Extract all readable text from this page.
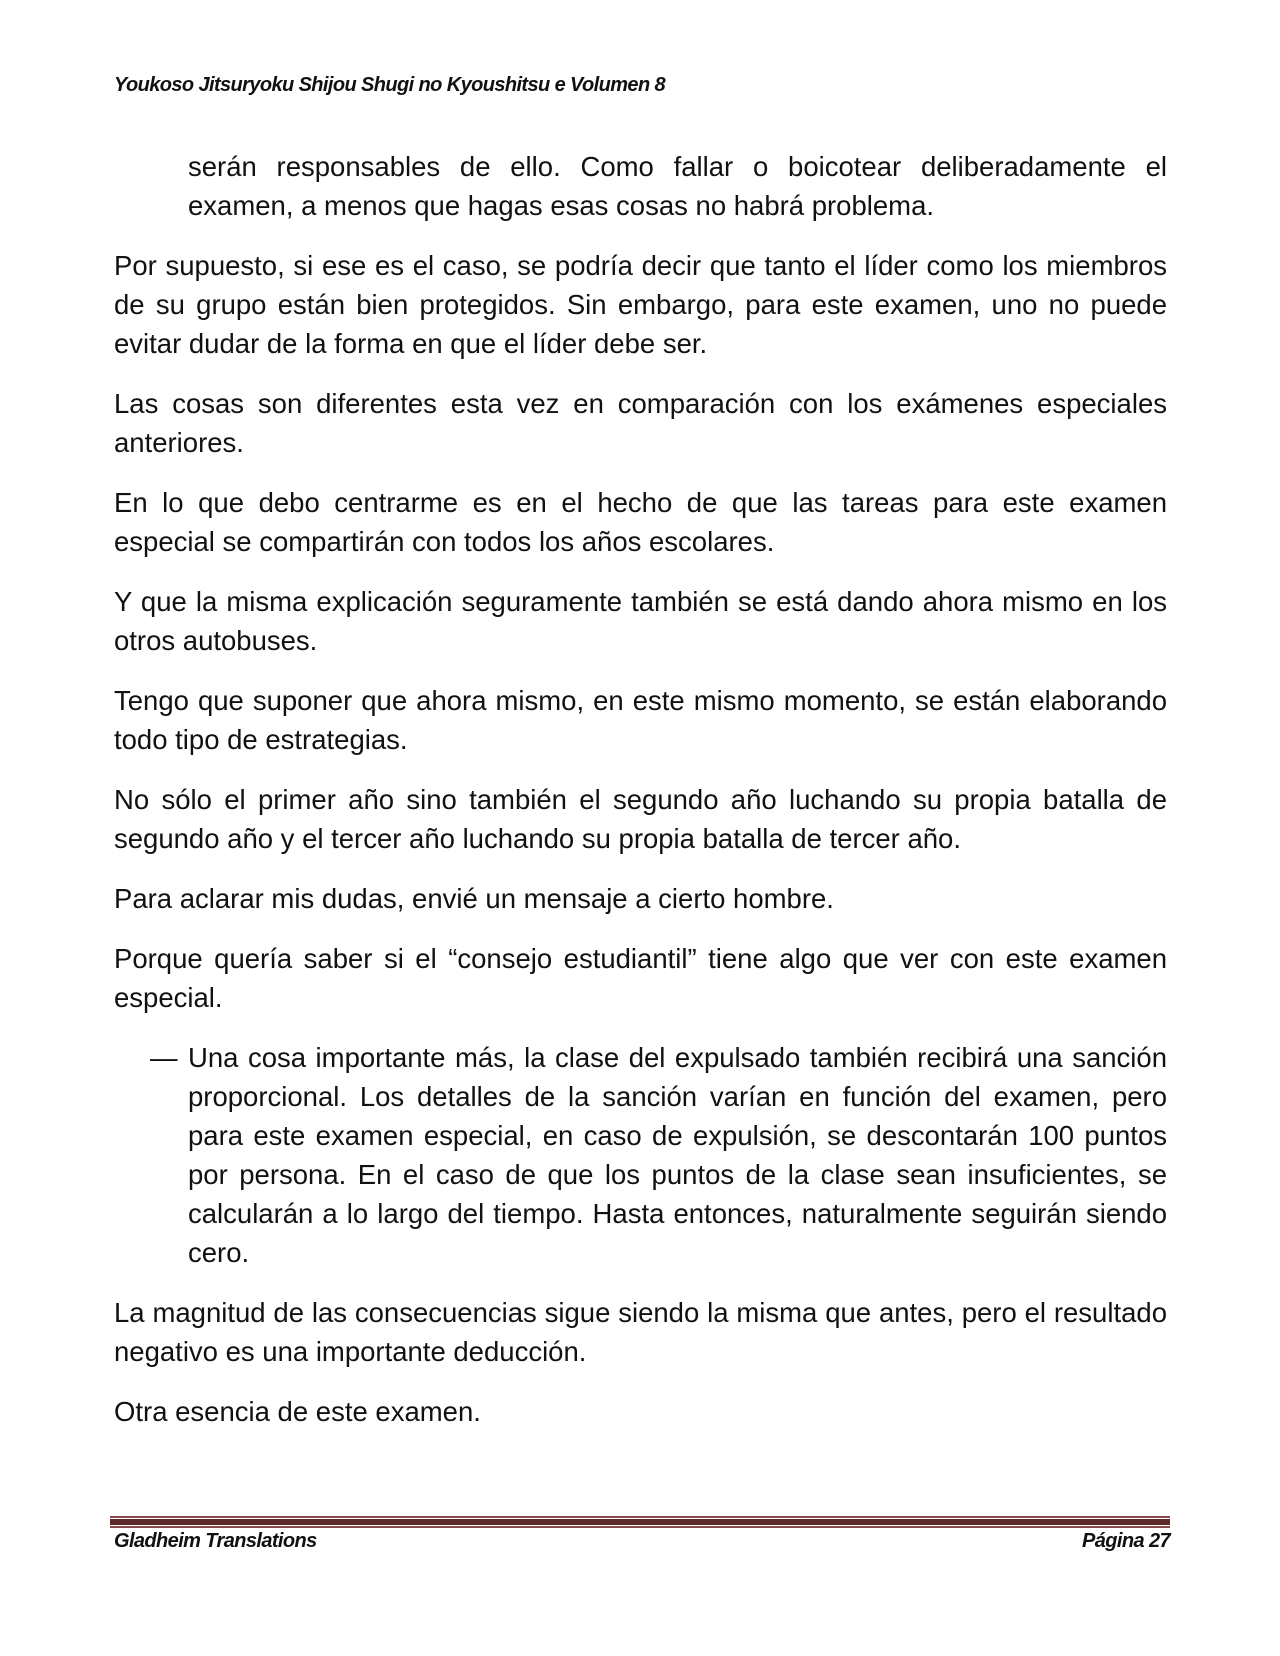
Youkoso Jitsuryoku Shijou Shugi no Kyoushitsu e Volumen 8

serán responsables de ello. Como fallar o boicotear deliberadamente el examen, a menos que hagas esas cosas no habrá problema.

Por supuesto, si ese es el caso, se podría decir que tanto el líder como los miembros de su grupo están bien protegidos. Sin embargo, para este examen, uno no puede evitar dudar de la forma en que el líder debe ser.

Las cosas son diferentes esta vez en comparación con los exámenes especiales anteriores.

En lo que debo centrarme es en el hecho de que las tareas para este examen especial se compartirán con todos los años escolares.

Y que la misma explicación seguramente también se está dando ahora mismo en los otros autobuses.

Tengo que suponer que ahora mismo, en este mismo momento, se están elaborando todo tipo de estrategias.

No sólo el primer año sino también el segundo año luchando su propia batalla de segundo año y el tercer año luchando su propia batalla de tercer año.

Para aclarar mis dudas, envié un mensaje a cierto hombre.

Porque quería saber si el “consejo estudiantil” tiene algo que ver con este examen especial.

— Una cosa importante más, la clase del expulsado también recibirá una sanción proporcional. Los detalles de la sanción varían en función del examen, pero para este examen especial, en caso de expulsión, se descontarán 100 puntos por persona. En el caso de que los puntos de la clase sean insuficientes, se calcularán a lo largo del tiempo. Hasta entonces, naturalmente seguirán siendo cero.

La magnitud de las consecuencias sigue siendo la misma que antes, pero el resultado negativo es una importante deducción.

Otra esencia de este examen.

Gladheim Translations	Página 27
